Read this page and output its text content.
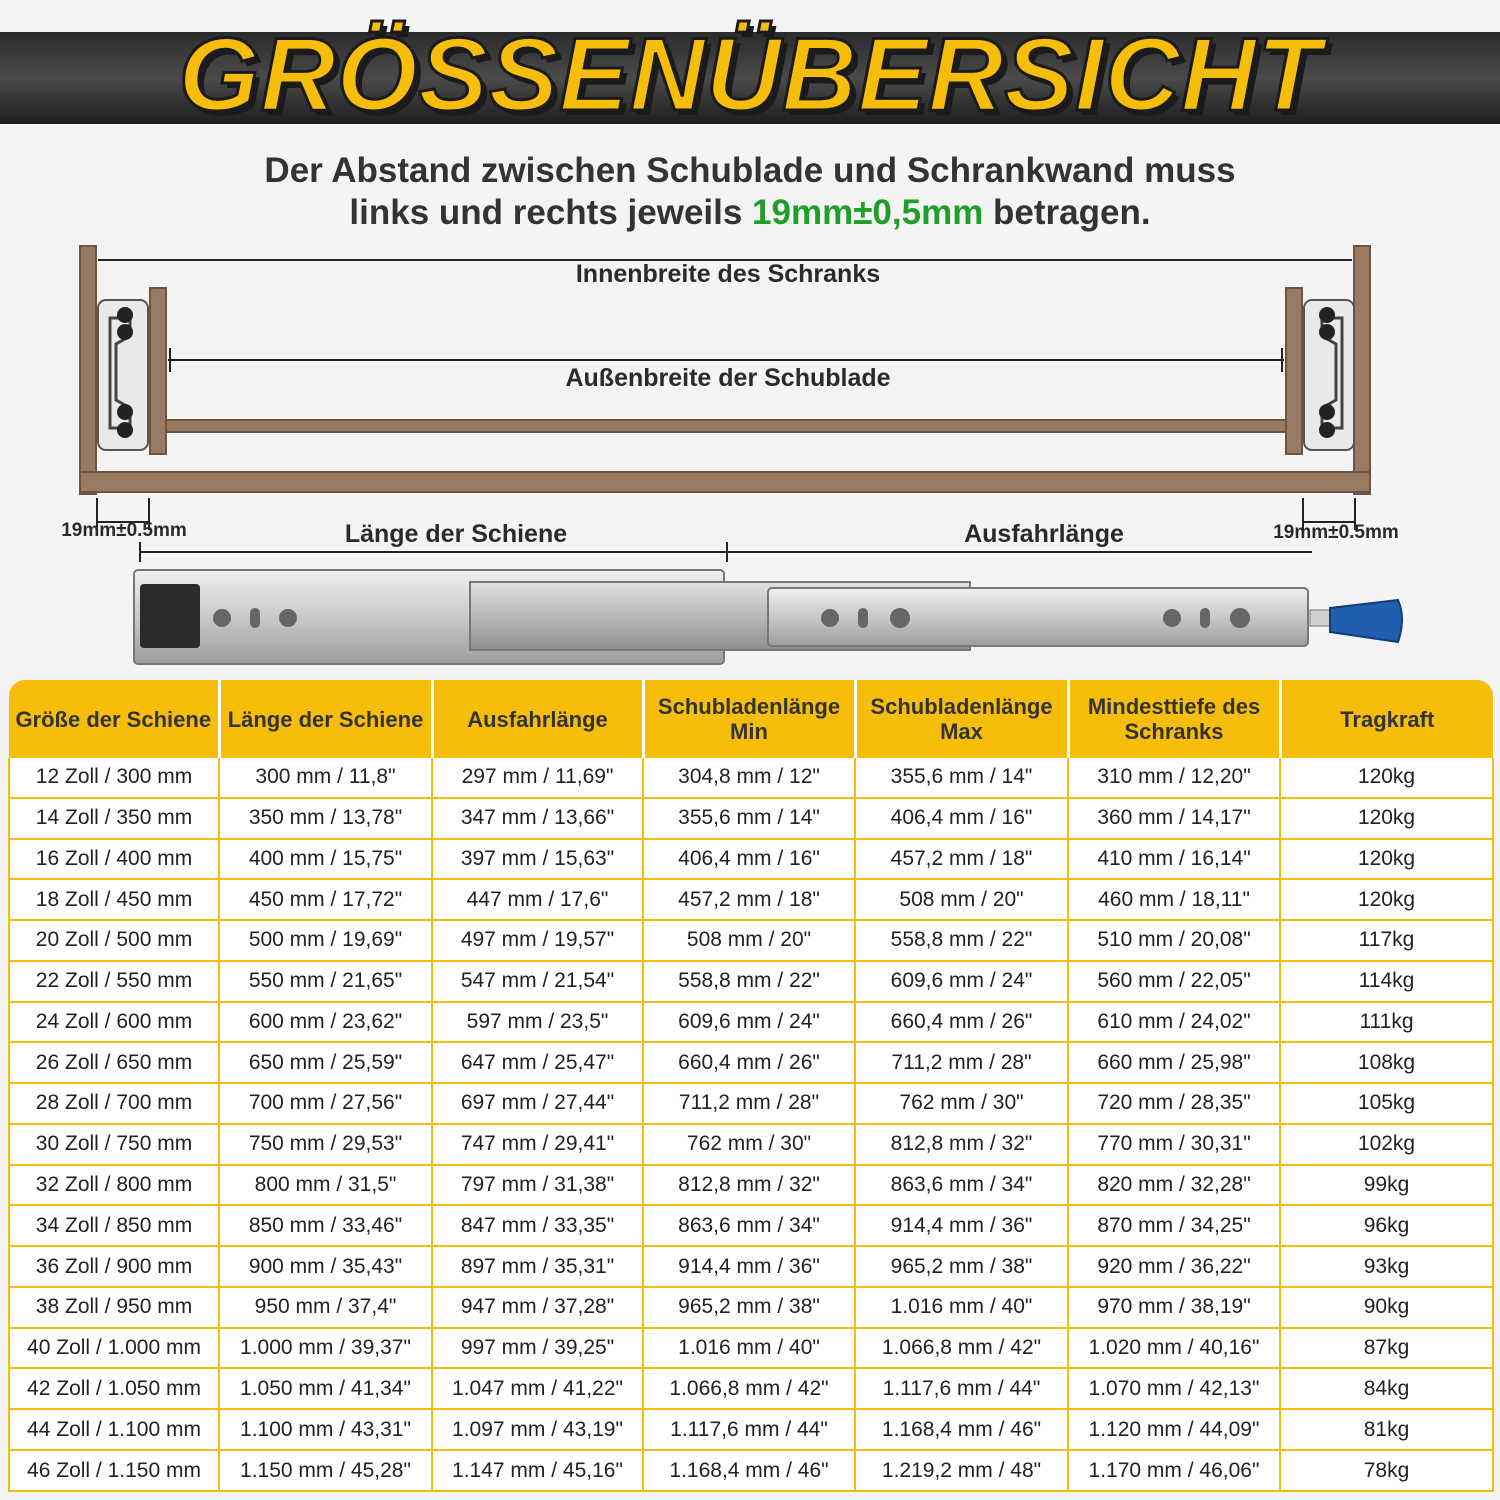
GRÖSSENÜBERSICHT
Der Abstand zwischen Schublade und Schrankwand muss
links und rechts jeweils 19mm±0,5mm betragen.
Innenbreite des Schranks
Außenbreite der Schublade
19mm±0.5mm	19mm±0.5mm
Länge der Schiene	Ausfahrlänge
Größe der Schiene	Länge der Schiene	Ausfahrlänge	Schubladenlänge Min	Schubladenlänge Max	Mindesttiefe des Schranks	Tragkraft
12 Zoll / 300 mm	300 mm / 11,8"	297 mm / 11,69"	304,8 mm / 12"	355,6 mm / 14"	310 mm / 12,20"	120kg
14 Zoll / 350 mm	350 mm / 13,78"	347 mm / 13,66"	355,6 mm / 14"	406,4 mm / 16"	360 mm / 14,17"	120kg
16 Zoll / 400 mm	400 mm / 15,75"	397 mm / 15,63"	406,4 mm / 16"	457,2 mm / 18"	410 mm / 16,14"	120kg
18 Zoll / 450 mm	450 mm / 17,72"	447 mm / 17,6"	457,2 mm / 18"	508 mm / 20"	460 mm / 18,11"	120kg
20 Zoll / 500 mm	500 mm / 19,69"	497 mm / 19,57"	508 mm / 20"	558,8 mm / 22"	510 mm / 20,08"	117kg
22 Zoll / 550 mm	550 mm / 21,65"	547 mm / 21,54"	558,8 mm / 22"	609,6 mm / 24"	560 mm / 22,05"	114kg
24 Zoll / 600 mm	600 mm / 23,62"	597 mm / 23,5"	609,6 mm / 24"	660,4 mm / 26"	610 mm / 24,02"	111kg
26 Zoll / 650 mm	650 mm / 25,59"	647 mm / 25,47"	660,4 mm / 26"	711,2 mm / 28"	660 mm / 25,98"	108kg
28 Zoll / 700 mm	700 mm / 27,56"	697 mm / 27,44"	711,2 mm / 28"	762 mm / 30"	720 mm / 28,35"	105kg
30 Zoll / 750 mm	750 mm / 29,53"	747 mm / 29,41"	762 mm / 30"	812,8 mm / 32"	770 mm / 30,31"	102kg
32 Zoll / 800 mm	800 mm / 31,5"	797 mm / 31,38"	812,8 mm / 32"	863,6 mm / 34"	820 mm / 32,28"	99kg
34 Zoll / 850 mm	850 mm / 33,46"	847 mm / 33,35"	863,6 mm / 34"	914,4 mm / 36"	870 mm / 34,25"	96kg
36 Zoll / 900 mm	900 mm / 35,43"	897 mm / 35,31"	914,4 mm / 36"	965,2 mm / 38"	920 mm / 36,22"	93kg
38 Zoll / 950 mm	950 mm / 37,4"	947 mm / 37,28"	965,2 mm / 38"	1.016 mm / 40"	970 mm / 38,19"	90kg
40 Zoll / 1.000 mm	1.000 mm / 39,37"	997 mm / 39,25"	1.016 mm / 40"	1.066,8 mm / 42"	1.020 mm / 40,16"	87kg
42 Zoll / 1.050 mm	1.050 mm / 41,34"	1.047 mm / 41,22"	1.066,8 mm / 42"	1.117,6 mm / 44"	1.070 mm / 42,13"	84kg
44 Zoll / 1.100 mm	1.100 mm / 43,31"	1.097 mm / 43,19"	1.117,6 mm / 44"	1.168,4 mm / 46"	1.120 mm / 44,09"	81kg
46 Zoll / 1.150 mm	1.150 mm / 45,28"	1.147 mm / 45,16"	1.168,4 mm / 46"	1.219,2 mm / 48"	1.170 mm / 46,06"	78kg
